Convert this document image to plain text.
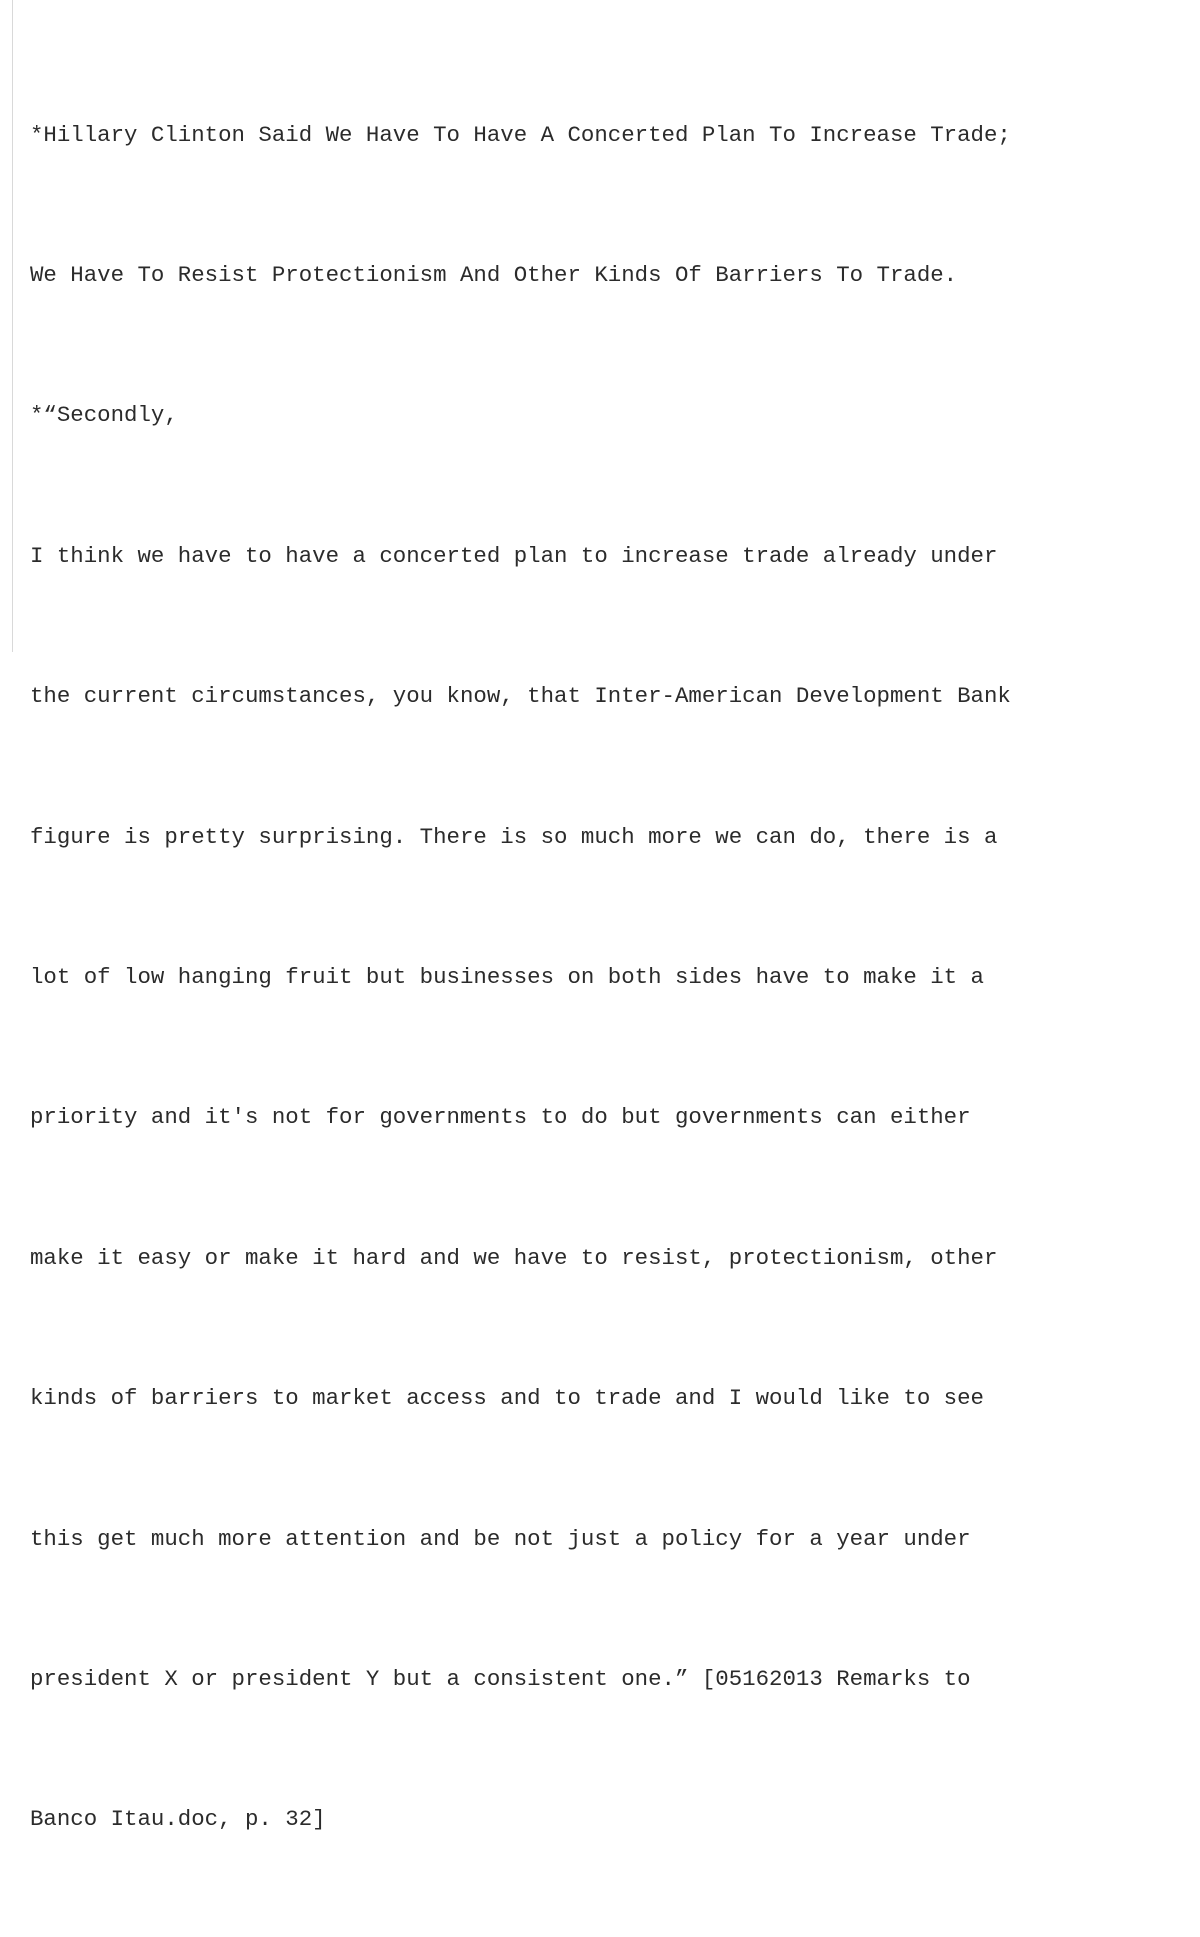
*Hillary Clinton Said We Have To Have A Concerted Plan To Increase Trade;

We Have To Resist Protectionism And Other Kinds Of Barriers To Trade.

*“Secondly,

I think we have to have a concerted plan to increase trade already under

the current circumstances, you know, that Inter-American Development Bank

figure is pretty surprising. There is so much more we can do, there is a

lot of low hanging fruit but businesses on both sides have to make it a

priority and it's not for governments to do but governments can either

make it easy or make it hard and we have to resist, protectionism, other

kinds of barriers to market access and to trade and I would like to see

this get much more attention and be not just a policy for a year under

president X or president Y but a consistent one.” [05162013 Remarks to

Banco Itau.doc, p. 32]
